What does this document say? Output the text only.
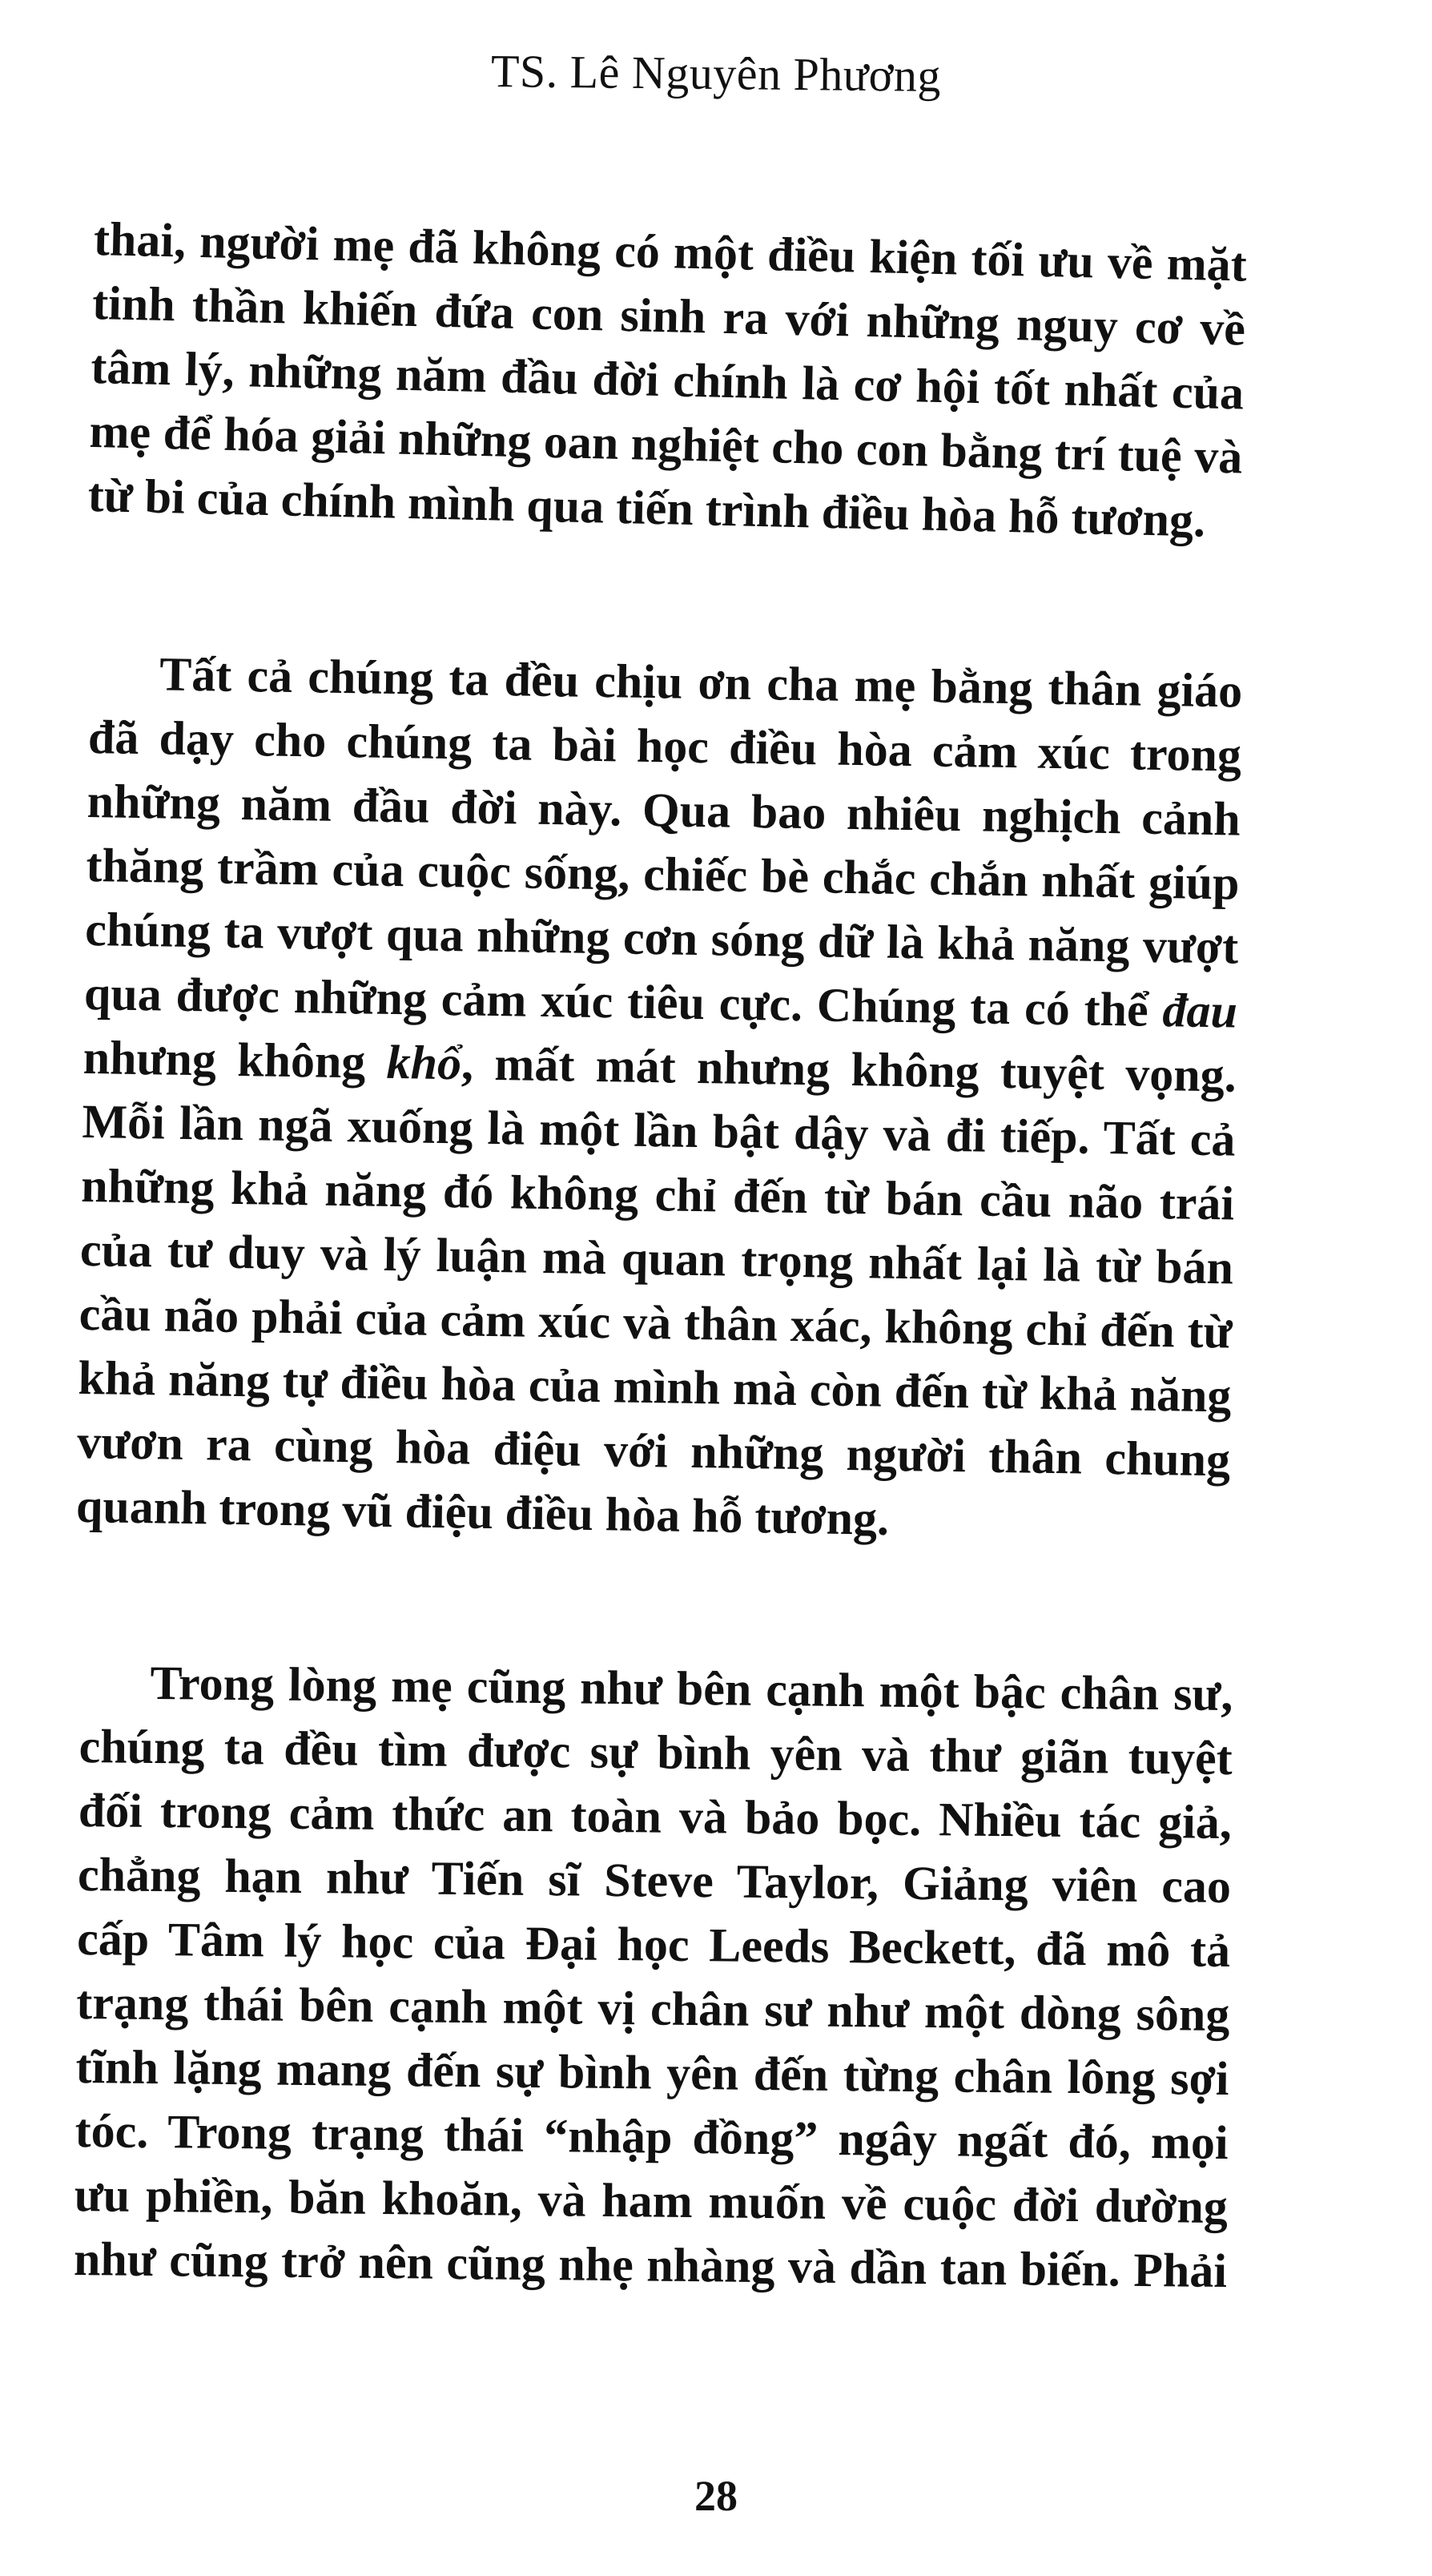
TS. Lê Nguyên Phương
thai, người mẹ đã không có một điều kiện tối ưu về mặt
tinh thần khiến đứa con sinh ra với những nguy cơ về
tâm lý, những năm đầu đời chính là cơ hội tốt nhất của
mẹ để hóa giải những oan nghiệt cho con bằng trí tuệ và
từ bi của chính mình qua tiến trình điều hòa hỗ tương.
Tất cả chúng ta đều chịu ơn cha mẹ bằng thân giáo
đã dạy cho chúng ta bài học điều hòa cảm xúc trong
những năm đầu đời này. Qua bao nhiêu nghịch cảnh
thăng trầm của cuộc sống, chiếc bè chắc chắn nhất giúp
chúng ta vượt qua những cơn sóng dữ là khả năng vượt
qua được những cảm xúc tiêu cực. Chúng ta có thể đau
nhưng không khổ, mất mát nhưng không tuyệt vọng.
Mỗi lần ngã xuống là một lần bật dậy và đi tiếp. Tất cả
những khả năng đó không chỉ đến từ bán cầu não trái
của tư duy và lý luận mà quan trọng nhất lại là từ bán
cầu não phải của cảm xúc và thân xác, không chỉ đến từ
khả năng tự điều hòa của mình mà còn đến từ khả năng
vươn ra cùng hòa điệu với những người thân chung
quanh trong vũ điệu điều hòa hỗ tương.
Trong lòng mẹ cũng như bên cạnh một bậc chân sư,
chúng ta đều tìm được sự bình yên và thư giãn tuyệt
đối trong cảm thức an toàn và bảo bọc. Nhiều tác giả,
chẳng hạn như Tiến sĩ Steve Taylor, Giảng viên cao
cấp Tâm lý học của Đại học Leeds Beckett, đã mô tả
trạng thái bên cạnh một vị chân sư như một dòng sông
tĩnh lặng mang đến sự bình yên đến từng chân lông sợi
tóc. Trong trạng thái “nhập đồng” ngây ngất đó, mọi
ưu phiền, băn khoăn, và ham muốn về cuộc đời dường
như cũng trở nên cũng nhẹ nhàng và dần tan biến. Phải
28
